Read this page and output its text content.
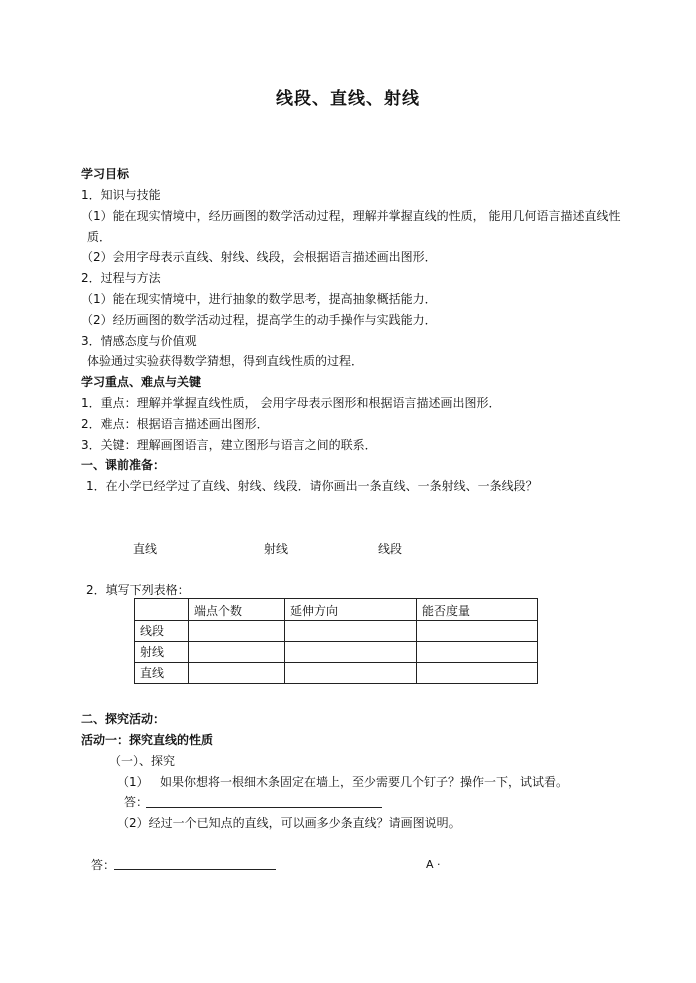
线段、直线、射线
学习目标
1．知识与技能
（1）能在现实情境中，经历画图的数学活动过程，理解并掌握直线的性质， 能用几何语言描述直线性
质．
（2）会用字母表示直线、射线、线段，会根据语言描述画出图形．
2．过程与方法
（1）能在现实情境中，进行抽象的数学思考，提高抽象概括能力．
（2）经历画图的数学活动过程，提高学生的动手操作与实践能力．
3．情感态度与价值观
体验通过实验获得数学猜想，得到直线性质的过程．
学习重点、难点与关键
1．重点：理解并掌握直线性质， 会用字母表示图形和根据语言描述画出图形．
2．难点：根据语言描述画出图形．
3．关键：理解画图语言，建立图形与语言之间的联系．
一、课前准备：
1．在小学已经学过了直线、射线、线段．请你画出一条直线、一条射线、一条线段？
直线	射线	线段
2．填写下列表格：
	端点个数	延伸方向	能否度量
线段			
射线			
直线			
二、探究活动：
活动一：探究直线的性质
（一）、探究
（1） 如果你想将一根细木条固定在墙上，至少需要几个钉子？操作一下，试试看。
答：
（2）经过一个已知点的直线，可以画多少条直线？请画图说明。
答：	A ·
